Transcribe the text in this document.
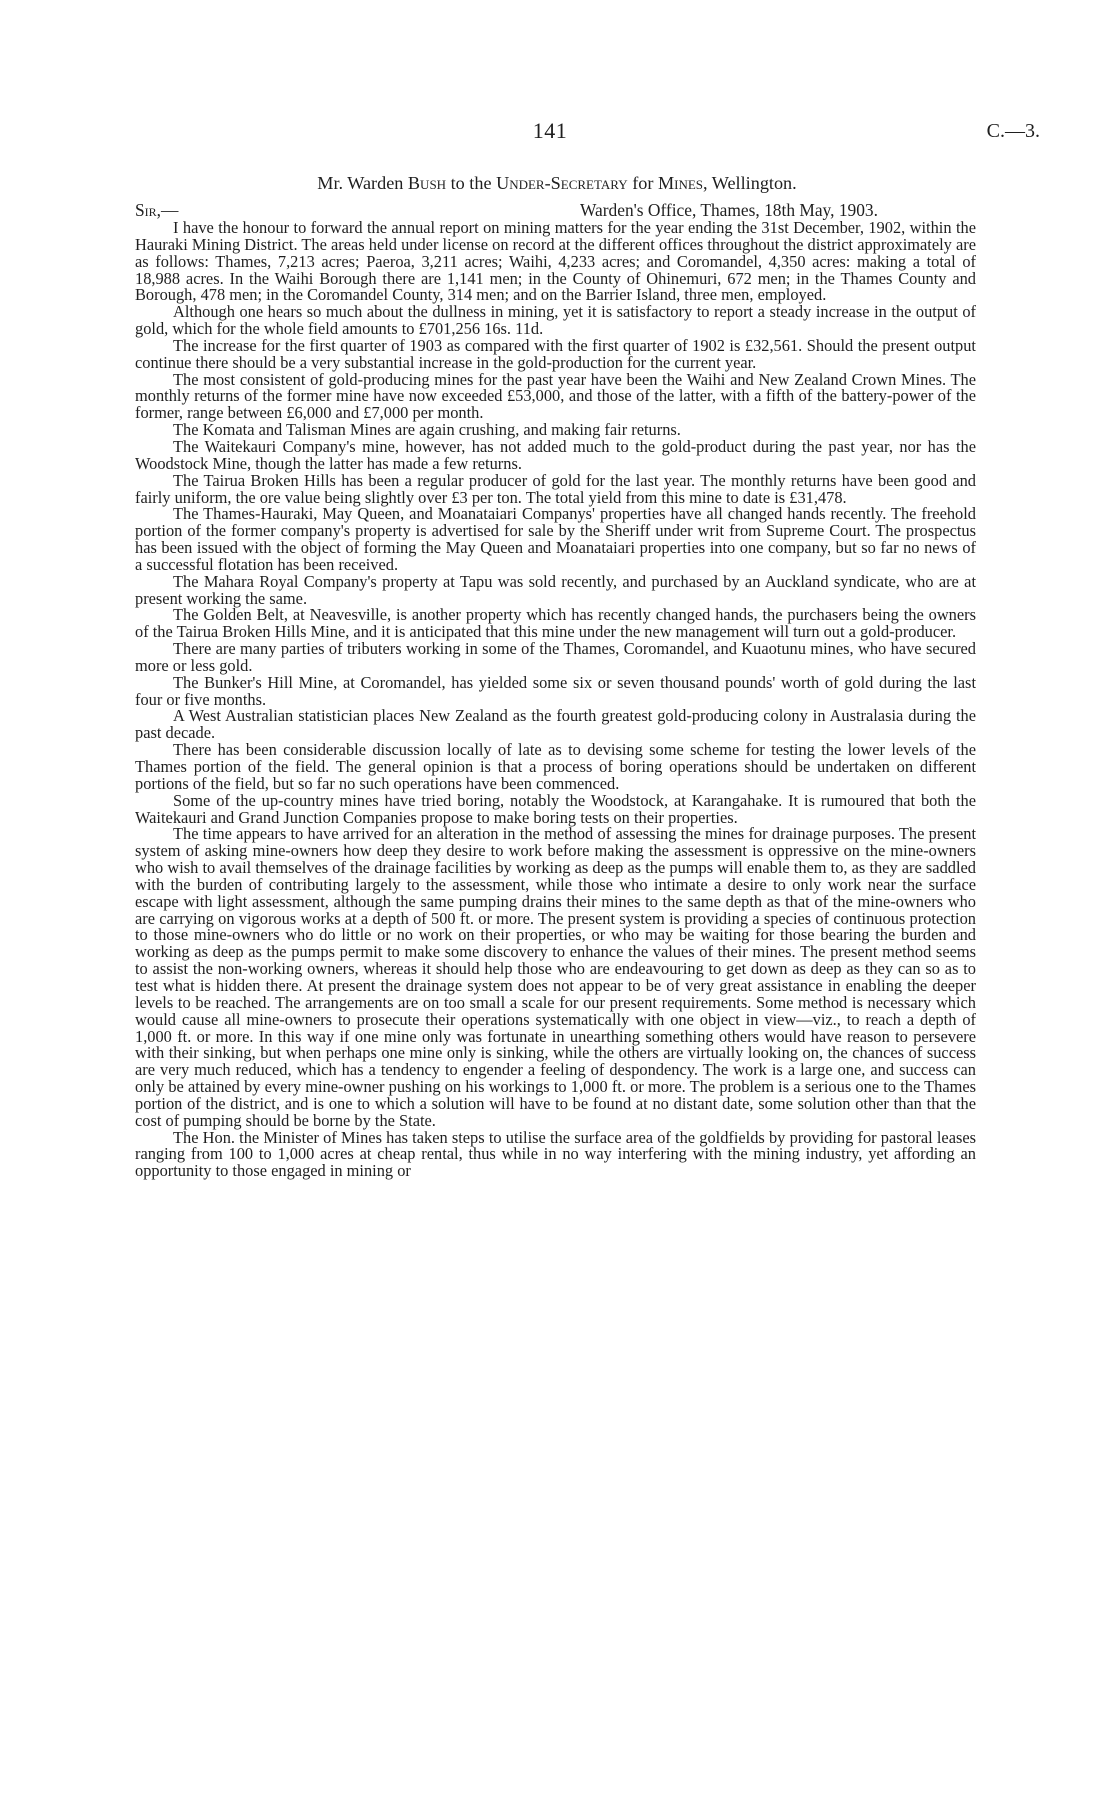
141	C.—3.
Mr. Warden Bush to the Under-Secretary for Mines, Wellington.
Sir,—	Warden's Office, Thames, 18th May, 1903.

I have the honour to forward the annual report on mining matters for the year ending the 31st December, 1902, within the Hauraki Mining District. The areas held under license on record at the different offices throughout the district approximately are as follows: Thames, 7,213 acres; Paeroa, 3,211 acres; Waihi, 4,233 acres; and Coromandel, 4,350 acres: making a total of 18,988 acres. In the Waihi Borough there are 1,141 men; in the County of Ohinemuri, 672 men; in the Thames County and Borough, 478 men; in the Coromandel County, 314 men; and on the Barrier Island, three men, employed.

Although one hears so much about the dullness in mining, yet it is satisfactory to report a steady increase in the output of gold, which for the whole field amounts to £701,256 16s. 11d.

The increase for the first quarter of 1903 as compared with the first quarter of 1902 is £32,561. Should the present output continue there should be a very substantial increase in the gold-production for the current year.

The most consistent of gold-producing mines for the past year have been the Waihi and New Zealand Crown Mines. The monthly returns of the former mine have now exceeded £53,000, and those of the latter, with a fifth of the battery-power of the former, range between £6,000 and £7,000 per month.

The Komata and Talisman Mines are again crushing, and making fair returns.

The Waitekauri Company's mine, however, has not added much to the gold-product during the past year, nor has the Woodstock Mine, though the latter has made a few returns.

The Tairua Broken Hills has been a regular producer of gold for the last year. The monthly returns have been good and fairly uniform, the ore value being slightly over £3 per ton. The total yield from this mine to date is £31,478.

The Thames-Hauraki, May Queen, and Moanataiari Companys' properties have all changed hands recently. The freehold portion of the former company's property is advertised for sale by the Sheriff under writ from Supreme Court. The prospectus has been issued with the object of forming the May Queen and Moanataiari properties into one company, but so far no news of a successful flotation has been received.

The Mahara Royal Company's property at Tapu was sold recently, and purchased by an Auckland syndicate, who are at present working the same.

The Golden Belt, at Neavesville, is another property which has recently changed hands, the purchasers being the owners of the Tairua Broken Hills Mine, and it is anticipated that this mine under the new management will turn out a gold-producer.

There are many parties of tributers working in some of the Thames, Coromandel, and Kuaotunu mines, who have secured more or less gold.

The Bunker's Hill Mine, at Coromandel, has yielded some six or seven thousand pounds' worth of gold during the last four or five months.

A West Australian statistician places New Zealand as the fourth greatest gold-producing colony in Australasia during the past decade.

There has been considerable discussion locally of late as to devising some scheme for testing the lower levels of the Thames portion of the field. The general opinion is that a process of boring operations should be undertaken on different portions of the field, but so far no such operations have been commenced.

Some of the up-country mines have tried boring, notably the Woodstock, at Karangahake. It is rumoured that both the Waitekauri and Grand Junction Companies propose to make boring tests on their properties.

The time appears to have arrived for an alteration in the method of assessing the mines for drainage purposes. The present system of asking mine-owners how deep they desire to work before making the assessment is oppressive on the mine-owners who wish to avail themselves of the drainage facilities by working as deep as the pumps will enable them to, as they are saddled with the burden of contributing largely to the assessment, while those who intimate a desire to only work near the surface escape with light assessment, although the same pumping drains their mines to the same depth as that of the mine-owners who are carrying on vigorous works at a depth of 500 ft. or more. The present system is providing a species of continuous protection to those mine-owners who do little or no work on their properties, or who may be waiting for those bearing the burden and working as deep as the pumps permit to make some discovery to enhance the values of their mines. The present method seems to assist the non-working owners, whereas it should help those who are endeavouring to get down as deep as they can so as to test what is hidden there. At present the drainage system does not appear to be of very great assistance in enabling the deeper levels to be reached. The arrangements are on too small a scale for our present requirements. Some method is necessary which would cause all mine-owners to prosecute their operations systematically with one object in view—viz., to reach a depth of 1,000 ft. or more. In this way if one mine only was fortunate in unearthing something others would have reason to persevere with their sinking, but when perhaps one mine only is sinking, while the others are virtually looking on, the chances of success are very much reduced, which has a tendency to engender a feeling of despondency. The work is a large one, and success can only be attained by every mine-owner pushing on his workings to 1,000 ft. or more. The problem is a serious one to the Thames portion of the district, and is one to which a solution will have to be found at no distant date, some solution other than that the cost of pumping should be borne by the State.

The Hon. the Minister of Mines has taken steps to utilise the surface area of the goldfields by providing for pastoral leases ranging from 100 to 1,000 acres at cheap rental, thus while in no way interfering with the mining industry, yet affording an opportunity to those engaged in mining or
